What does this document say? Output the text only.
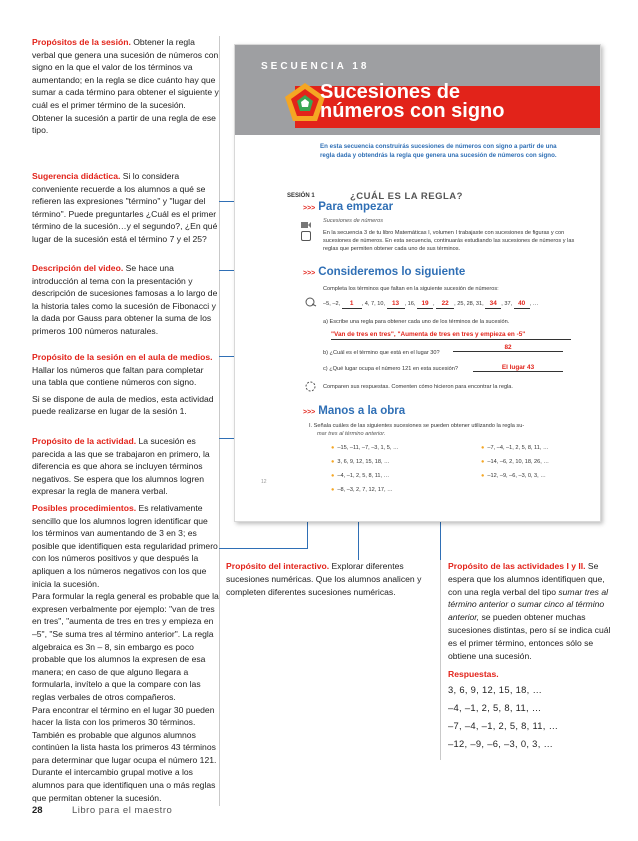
Propósitos de la sesión. Obtener la regla verbal que genera una sucesión de números con signo en la que el valor de los términos va aumentando; en la regla se dice cuánto hay que sumar a cada término para obtener el siguiente y cuál es el primer término de la sucesión. Obtener la sucesión a partir de una regla de ese tipo.
Sugerencia didáctica. Si lo considera conveniente recuerde a los alumnos a qué se refieren las expresiones "término" y "lugar del término". Puede preguntarles ¿Cuál es el primer término de la sucesión…y el segundo?, ¿En qué lugar de la sucesión está el término 7 y el 25?
Descripción del video. Se hace una introducción al tema con la presentación y descripción de sucesiones famosas a lo largo de la historia tales como la sucesión de Fibonacci y la dada por Gauss para obtener la suma de los primeros 100 números naturales.

Propósito de la sesión en el aula de medios. Hallar los números que faltan para completar una tabla que contiene números con signo.

Si se dispone de aula de medios, esta actividad puede realizarse en lugar de la sesión 1.

Propósito de la actividad. La sucesión es parecida a las que se trabajaron en primero, la diferencia es que ahora se incluyen términos negativos. Se espera que los alumnos logren expresar la regla de manera verbal.

Posibles procedimientos. Es relativamente sencillo que los alumnos logren identificar que los términos van aumentando de 3 en 3; es posible que identifiquen esta regularidad primero con los números positivos y que después la apliquen a los números negativos con los que inicia la sucesión.

Para formular la regla general es probable que la expresen verbalmente por ejemplo: "van de tres en tres", "aumenta de tres en tres y empieza en –5", "Se suma tres al término anterior". La regla algebraica es 3n – 8, sin embargo es poco probable que los alumnos la expresen de esa manera; en caso de que alguno llegara a formularla, invítelo a que la compare con las reglas verbales de otros compañeros.

Para encontrar el término en el lugar 30 pueden hacer la lista con los primeros 30 términos. También es probable que algunos alumnos continúen la lista hasta los primeros 43 términos para determinar que lugar ocupa el número 121. Durante el intercambio grupal motive a los alumnos para que identifiquen una o más reglas que permitan obtener la sucesión.

SECUENCIA 18
Sucesiones de
números con signo
En esta secuencia construirás sucesiones de números con signo a partir de una regla dada y obtendrás la regla que genera una sucesión de números con signo.
SESIÓN 1	¿CUÁL ES LA REGLA?
>>> Para empezar
Sucesiones de números
En la secuencia 3 de tu libro Matemáticas I, volumen I trabajaste con sucesiones de figuras y con sucesiones de números. En esta secuencia, continuarás estudiando las sucesiones de números y las reglas que permiten obtener cada uno de sus términos.
>>> Consideremos lo siguiente
Completa los términos que faltan en la siguiente sucesión de números:
–5, –2, 1 , 4, 7, 10, 13 , 16, 19 , 22 , 25, 28, 31, 34 , 37, 40 , …
a) Escribe una regla para obtener cada uno de los términos de la sucesión.
"Van de tres en tres", "Aumenta de tres en tres y empieza en -5"
b) ¿Cuál es el término que está en el lugar 30?
82
c) ¿Qué lugar ocupa el número 121 en esta sucesión?	El lugar 43
Comparen sus respuestas. Comenten cómo hicieron para encontrar la regla.
>>> Manos a la obra
I. Señala cuáles de las siguientes sucesiones se pueden obtener utilizando la regla su-
mar tres al término anterior.
● –15, –11, –7, –3, 1, 5, …
● 3, 6, 9, 12, 15, 18, …
● –4, –1, 2, 5, 8, 11, …
● –8, –3, 2, 7, 12, 17, …
● –7, –4, –1, 2, 5, 8, 11, …
● –14, –6, 2, 10, 18, 26, …
● –12, –9, –6, –3, 0, 3, …
12
Propósito del interactivo. Explorar diferentes sucesiones numéricas. Que los alumnos analicen y completen diferentes sucesiones numéricas.
Propósito de las actividades I y II. Se espera que los alumnos identifiquen que, con una regla verbal del tipo sumar tres al término anterior o sumar cinco al término anterior, se pueden obtener muchas sucesiones distintas, pero sí se indica cuál es el primer término, entonces sólo se obtiene una sucesión.
Respuestas.
3, 6, 9, 12, 15, 18, …
–4, –1, 2, 5, 8, 11, …
–7, –4, –1, 2, 5, 8, 11, …
–12, –9, –6, –3, 0, 3, …
28	Libro para el maestro
